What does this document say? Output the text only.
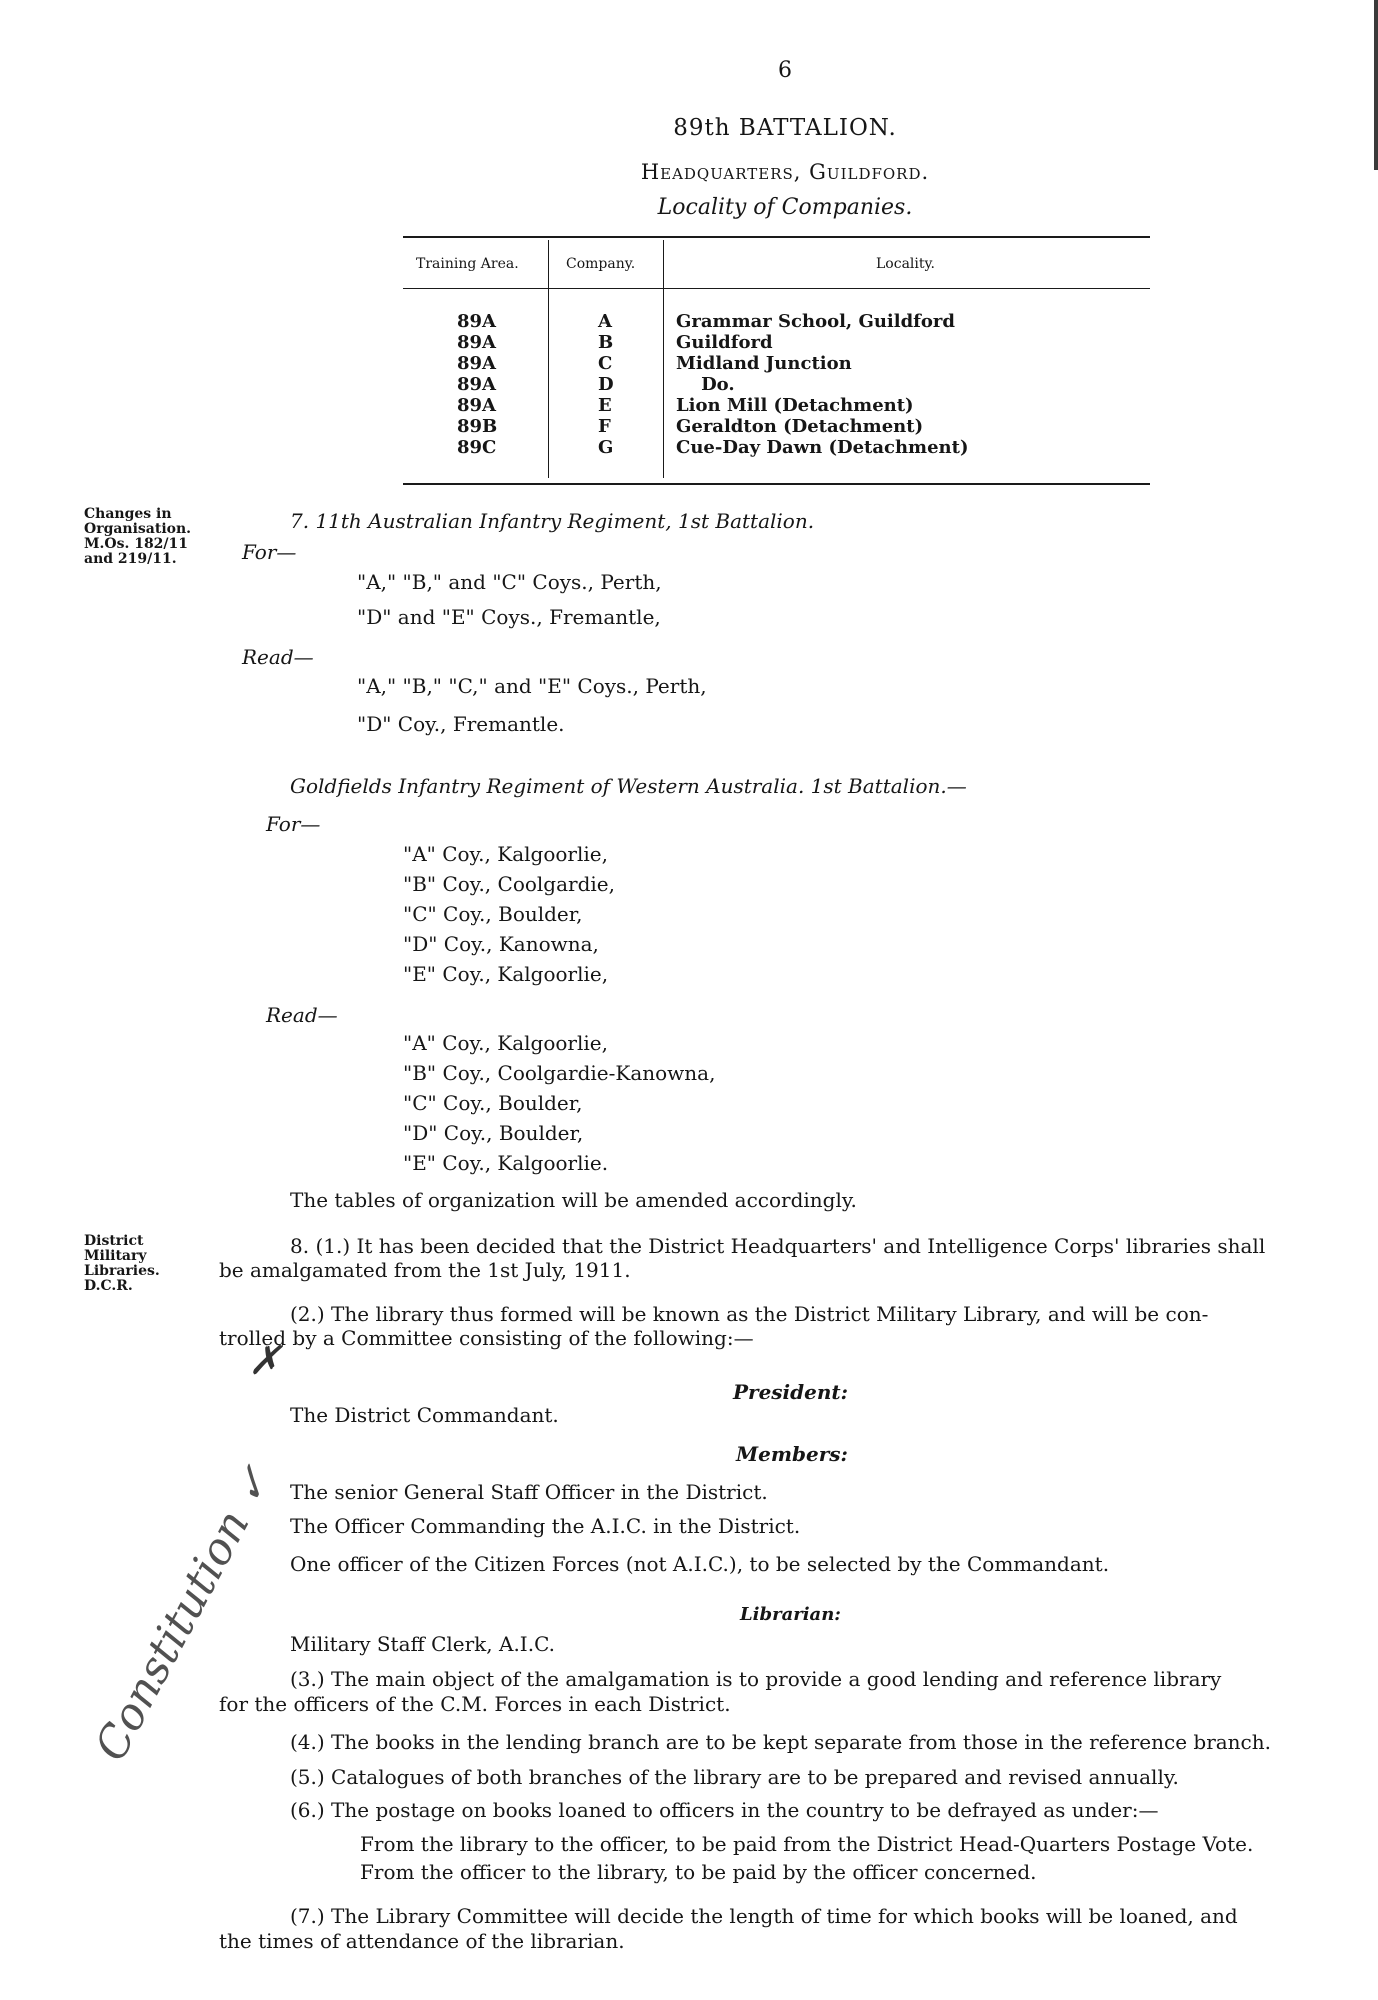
6
89th BATTALION.
Headquarters, Guildford.
Locality of Companies.
Training Area.	Company.	Locality.
89A	A	Grammar School, Guildford
89A	B	Guildford
89A	C	Midland Junction
89A	D	Do.
89A	E	Lion Mill (Detachment)
89B	F	Geraldton (Detachment)
89C	G	Cue-Day Dawn (Detachment)
Changes in
Organisation.
M.Os. 182/11
and 219/11.
District
Military
Libraries.
D.C.R.
7. 11th Australian Infantry Regiment, 1st Battalion.
For—
"A," "B," and "C" Coys., Perth,
"D" and "E" Coys., Fremantle,
Read—
"A," "B," "C," and "E" Coys., Perth,
"D" Coy., Fremantle.
Goldfields Infantry Regiment of Western Australia. 1st Battalion.—
For—
"A" Coy., Kalgoorlie,
"B" Coy., Coolgardie,
"C" Coy., Boulder,
"D" Coy., Kanowna,
"E" Coy., Kalgoorlie,
Read—
"A" Coy., Kalgoorlie,
"B" Coy., Coolgardie-Kanowna,
"C" Coy., Boulder,
"D" Coy., Boulder,
"E" Coy., Kalgoorlie.
The tables of organization will be amended accordingly.
8. (1.) It has been decided that the District Headquarters' and Intelligence Corps' libraries shall
be amalgamated from the 1st July, 1911.
(2.) The library thus formed will be known as the District Military Library, and will be con-
trolled by a Committee consisting of the following:—
President:
The District Commandant.
Members:
The senior General Staff Officer in the District.
The Officer Commanding the A.I.C. in the District.
One officer of the Citizen Forces (not A.I.C.), to be selected by the Commandant.
Librarian:
Military Staff Clerk, A.I.C.
(3.) The main object of the amalgamation is to provide a good lending and reference library
for the officers of the C.M. Forces in each District.
(4.) The books in the lending branch are to be kept separate from those in the reference branch.
(5.) Catalogues of both branches of the library are to be prepared and revised annually.
(6.) The postage on books loaned to officers in the country to be defrayed as under:—
From the library to the officer, to be paid from the District Head-Quarters Postage Vote.
From the officer to the library, to be paid by the officer concerned.
(7.) The Library Committee will decide the length of time for which books will be loaned, and
the times of attendance of the librarian.
Constitution ✓
✗
